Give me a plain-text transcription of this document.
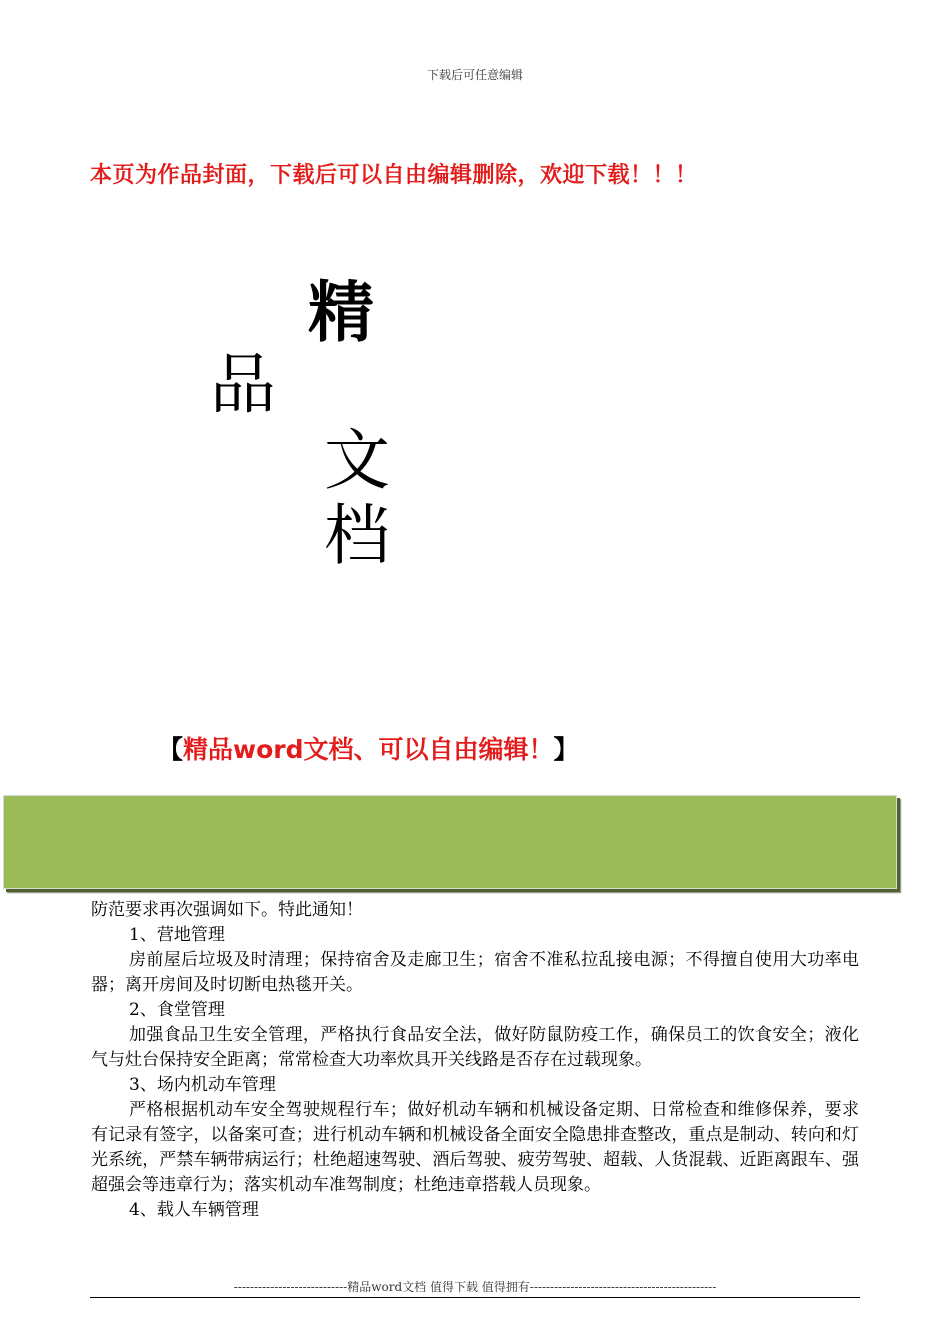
下载后可任意编辑
本页为作品封面，下载后可以自由编辑删除，欢迎下载！！！
精
品
文
档
【精品word文档、可以自由编辑！】

防范要求再次强调如下。特此通知！

1、营地管理

房前屋后垃圾及时清理；保持宿舍及走廊卫生；宿舍不准私拉乱接电源；不得擅自使用大功率电器；离开房间及时切断电热毯开关。

2、食堂管理

加强食品卫生安全管理，严格执行食品安全法，做好防鼠防疫工作，确保员工的饮食安全；液化气与灶台保持安全距离；常常检查大功率炊具开关线路是否存在过载现象。

3、场内机动车管理

严格根据机动车安全驾驶规程行车；做好机动车辆和机械设备定期、日常检查和维修保养，要求有记录有签字，以备案可查；进行机动车辆和机械设备全面安全隐患排查整改，重点是制动、转向和灯光系统，严禁车辆带病运行；杜绝超速驾驶、酒后驾驶、疲劳驾驶、超载、人货混载、近距离跟车、强超强会等违章行为；落实机动车准驾制度；杜绝违章搭载人员现象。

4、载人车辆管理

----------------------------精品word文档 值得下载 值得拥有----------------------------------------------
